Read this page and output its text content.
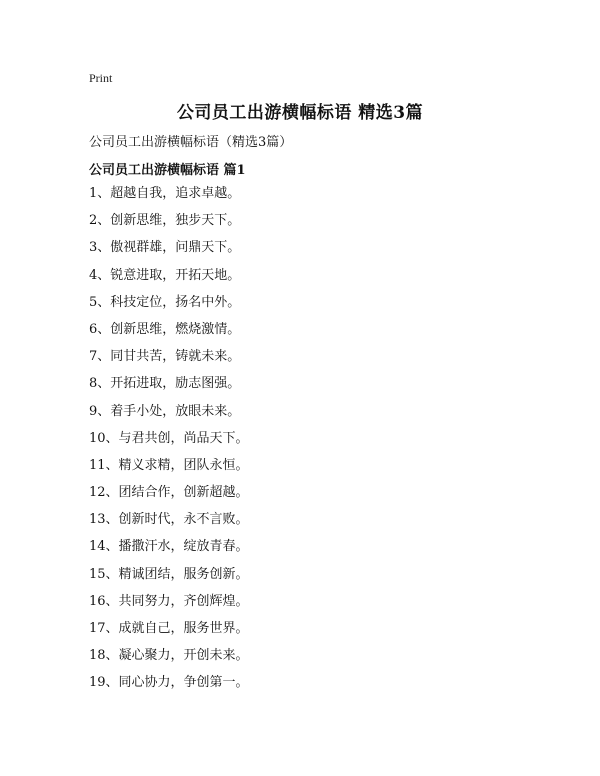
Print
公司员工出游横幅标语 精选3篇
公司员工出游横幅标语（精选3篇）
公司员工出游横幅标语 篇1
1、超越自我，追求卓越。
2、创新思维，独步天下。
3、傲视群雄，问鼎天下。
4、锐意进取，开拓天地。
5、科技定位，扬名中外。
6、创新思维，燃烧激情。
7、同甘共苦，铸就未来。
8、开拓进取，励志图强。
9、着手小处，放眼未来。
10、与君共创，尚品天下。
11、精义求精，团队永恒。
12、团结合作，创新超越。
13、创新时代，永不言败。
14、播撒汗水，绽放青春。
15、精诚团结，服务创新。
16、共同努力，齐创辉煌。
17、成就自己，服务世界。
18、凝心聚力，开创未来。
19、同心协力，争创第一。
